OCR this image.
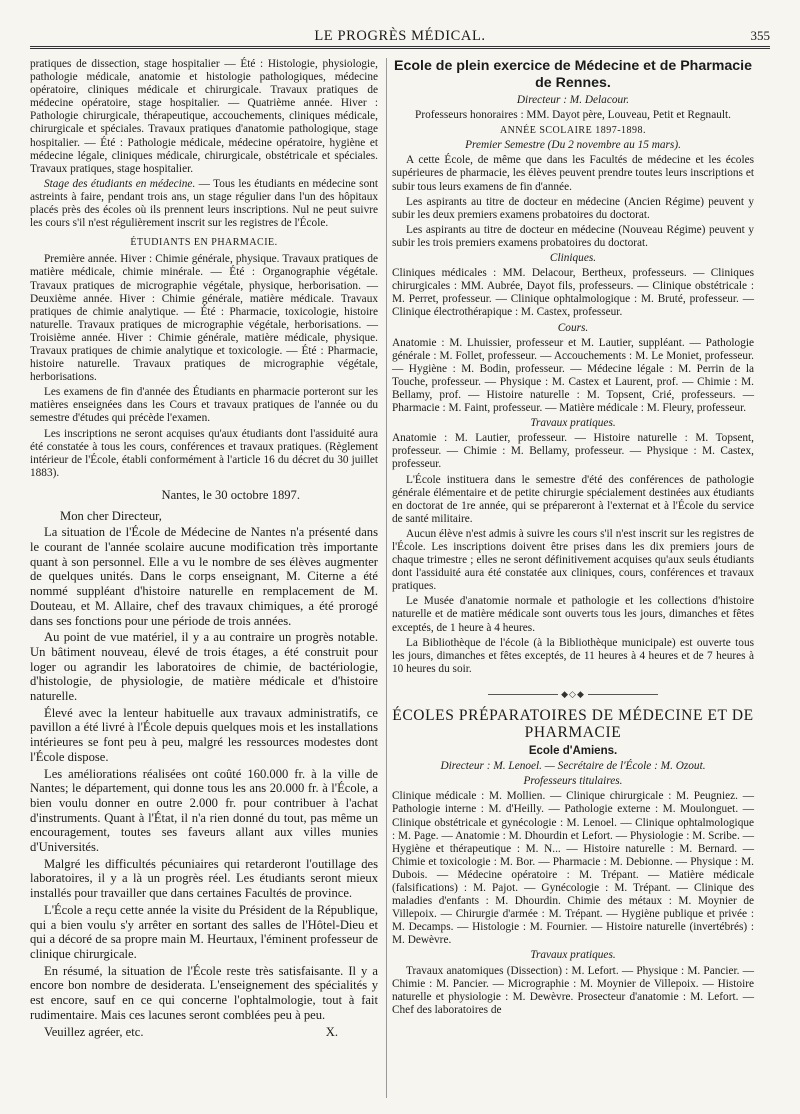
LE PROGRÈS MÉDICAL.	355

pratiques de dissection, stage hospitalier — Été : Histologie, physiologie, pathologie médicale, anatomie et histologie pathologiques, médecine opératoire, cliniques médicale et chirurgicale. Travaux pratiques de médecine opératoire, stage hospitalier. — Quatrième année. Hiver : Pathologie chirurgicale, thérapeutique, accouchements, cliniques médicale, chirurgicale et spéciales. Travaux pratiques d'anatomie pathologique, stage hospitalier. — Été : Pathologie médicale, médecine opératoire, hygiène et médecine légale, cliniques médicale, chirurgicale, obstétricale et spéciales. Travaux pratiques, stage hospitalier.

Stage des étudiants en médecine. — Tous les étudiants en médecine sont astreints à faire, pendant trois ans, un stage régulier dans l'un des hôpitaux placés près des écoles où ils prennent leurs inscriptions. Nul ne peut suivre les cours s'il n'est régulièrement inscrit sur les registres de l'École.

ÉTUDIANTS EN PHARMACIE.

Première année. Hiver : Chimie générale, physique. Travaux pratiques de matière médicale, chimie minérale. — Été : Organographie végétale. Travaux pratiques de micrographie végétale, physique, herborisation. — Deuxième année. Hiver : Chimie générale, matière médicale. Travaux pratiques de chimie analytique. — Été : Pharmacie, toxicologie, histoire naturelle. Travaux pratiques de micrographie végétale, herborisations. — Troisième année. Hiver : Chimie générale, matière médicale, physique. Travaux pratiques de chimie analytique et toxicologie. — Été : Pharmacie, histoire naturelle. Travaux pratiques de micrographie végétale, herborisations.

Les examens de fin d'année des Étudiants en pharmacie porteront sur les matières enseignées dans les Cours et travaux pratiques de l'année ou du semestre d'études qui précède l'examen.

Les inscriptions ne seront acquises qu'aux étudiants dont l'assiduité aura été constatée à tous les cours, conférences et travaux pratiques. (Règlement intérieur de l'École, établi conformément à l'article 16 du décret du 30 juillet 1883).

Nantes, le 30 octobre 1897.

Mon cher Directeur,

La situation de l'École de Médecine de Nantes n'a présenté dans le courant de l'année scolaire aucune modification très importante quant à son personnel. Elle a vu le nombre de ses élèves augmenter de quelques unités. Dans le corps enseignant, M. Citerne a été nommé suppléant d'histoire naturelle en remplacement de M. Douteau, et M. Allaire, chef des travaux chimiques, a été prorogé dans ses fonctions pour une période de trois années.

Au point de vue matériel, il y a au contraire un progrès notable. Un bâtiment nouveau, élevé de trois étages, a été construit pour loger ou agrandir les laboratoires de chimie, de bactériologie, d'histologie, de physiologie, de matière médicale et d'histoire naturelle.

Élevé avec la lenteur habituelle aux travaux administratifs, ce pavillon a été livré à l'École depuis quelques mois et les installations intérieures se font peu à peu, malgré les ressources modestes dont l'École dispose.

Les améliorations réalisées ont coûté 160.000 fr. à la ville de Nantes; le département, qui donne tous les ans 20.000 fr. à l'École, a bien voulu donner en outre 2.000 fr. pour contribuer à l'achat d'instruments. Quant à l'État, il n'a rien donné du tout, pas même un encouragement, toutes ses faveurs allant aux villes munies d'Universités.

Malgré les difficultés pécuniaires qui retarderont l'outillage des laboratoires, il y a là un progrès réel. Les étudiants seront mieux installés pour travailler que dans certaines Facultés de province.

L'École a reçu cette année la visite du Président de la République, qui a bien voulu s'y arrêter en sortant des salles de l'Hôtel-Dieu et qui a décoré de sa propre main M. Heurtaux, l'éminent professeur de clinique chirurgicale.

En résumé, la situation de l'École reste très satisfaisante. Il y a encore bon nombre de desiderata. L'enseignement des spécialités y est encore, sauf en ce qui concerne l'ophtalmologie, tout à fait rudimentaire. Mais ces lacunes seront comblées peu à peu.

Veuillez agréer, etc.	X.
Ecole de plein exercice de Médecine et de Pharmacie de Rennes.

Directeur : M. Delacour.

Professeurs honoraires : MM. Dayot père, Louveau, Petit et Regnault.

ANNÉE SCOLAIRE 1897-1898.

Premier Semestre (Du 2 novembre au 15 mars).

A cette École, de même que dans les Facultés de médecine et les écoles supérieures de pharmacie, les élèves peuvent prendre toutes leurs inscriptions et subir tous leurs examens de fin d'année.

Les aspirants au titre de docteur en médecine (Ancien Régime) peuvent y subir les deux premiers examens probatoires du doctorat.

Les aspirants au titre de docteur en médecine (Nouveau Régime) peuvent y subir les trois premiers examens probatoires du doctorat.

Cliniques.

Cliniques médicales : MM. Delacour, Bertheux, professeurs. — Cliniques chirurgicales : MM. Aubrée, Dayot fils, professeurs. — Clinique obstétricale : M. Perret, professeur. — Clinique ophtalmologique : M. Bruté, professeur. — Clinique électrothérapique : M. Castex, professeur.

Cours.

Anatomie : M. Lhuissier, professeur et M. Lautier, suppléant. — Pathologie générale : M. Follet, professeur. — Accouchements : M. Le Moniet, professeur. — Hygiène : M. Bodin, professeur. — Médecine légale : M. Perrin de la Touche, professeur. — Physique : M. Castex et Laurent, prof. — Chimie : M. Bellamy, prof. — Histoire naturelle : M. Topsent, Crié, professeurs. — Pharmacie : M. Faint, professeur. — Matière médicale : M. Fleury, professeur.

Travaux pratiques.

Anatomie : M. Lautier, professeur. — Histoire naturelle : M. Topsent, professeur. — Chimie : M. Bellamy, professeur. — Physique : M. Castex, professeur.

L'École instituera dans le semestre d'été des conférences de pathologie générale élémentaire et de petite chirurgie spécialement destinées aux étudiants en doctorat de 1re année, qui se prépareront à l'externat et à l'École du service de santé militaire.

Aucun élève n'est admis à suivre les cours s'il n'est inscrit sur les registres de l'École. Les inscriptions doivent être prises dans les dix premiers jours de chaque trimestre ; elles ne seront définitivement acquises qu'aux seuls étudiants dont l'assiduité aura été constatée aux cliniques, cours, conférences et travaux pratiques.

Le Musée d'anatomie normale et pathologie et les collections d'histoire naturelle et de matière médicale sont ouverts tous les jours, dimanches et fêtes exceptés, de 1 heure à 4 heures.

La Bibliothèque de l'école (à la Bibliothèque municipale) est ouverte tous les jours, dimanches et fêtes exceptés, de 11 heures à 4 heures et de 7 heures à 10 heures du soir.

◆◇◆
ÉCOLES PRÉPARATOIRES DE MÉDECINE ET DE PHARMACIE
Ecole d'Amiens.

Directeur : M. Lenoel. — Secrétaire de l'École : M. Ozout.

Professeurs titulaires.

Clinique médicale : M. Mollien. — Clinique chirurgicale : M. Peugniez. — Pathologie interne : M. d'Heilly. — Pathologie externe : M. Moulonguet. — Clinique obstétricale et gynécologie : M. Lenoel. — Clinique ophtalmologique : M. Page. — Anatomie : M. Dhourdin et Lefort. — Physiologie : M. Scribe. — Hygiène et thérapeutique : M. N... — Histoire naturelle : M. Bernard. — Chimie et toxicologie : M. Bor. — Pharmacie : M. Debionne. — Physique : M. Dubois. — Médecine opératoire : M. Trépant. — Matière médicale (falsifications) : M. Pajot. — Gynécologie : M. Trépant. — Clinique des maladies d'enfants : M. Dhourdin. Chimie des métaux : M. Moynier de Villepoix. — Chirurgie d'armée : M. Trépant. — Hygiène publique et privée : M. Decamps. — Histologie : M. Fournier. — Histoire naturelle (invertébrés) : M. Dewèvre.

Travaux pratiques.

Travaux anatomiques (Dissection) : M. Lefort. — Physique : M. Pancier. — Chimie : M. Pancier. — Micrographie : M. Moynier de Villepoix. — Histoire naturelle et physiologie : M. Dewèvre. Prosecteur d'anatomie : M. Lefort. — Chef des laboratoires de
